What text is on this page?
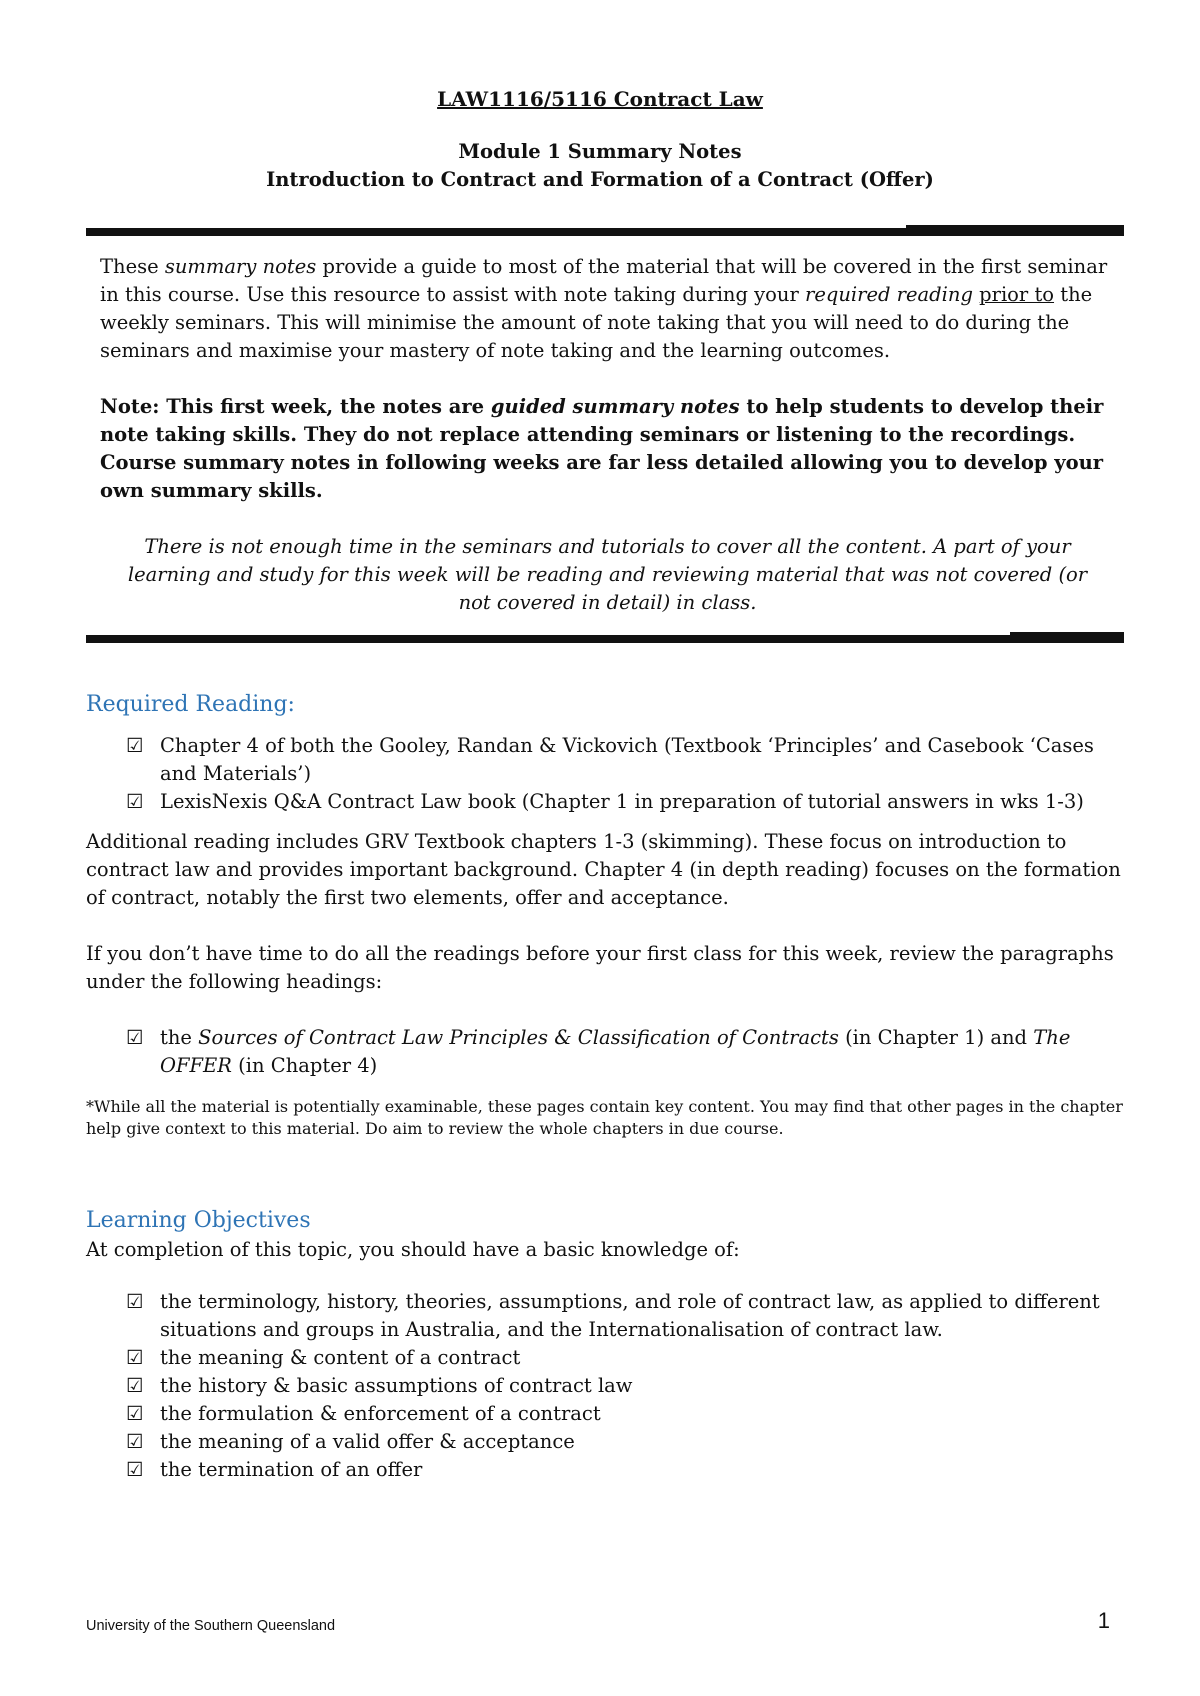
LAW1116/5116 Contract Law

Module 1 Summary Notes

Introduction to Contract and Formation of a Contract (Offer)

These summary notes provide a guide to most of the material that will be covered in the first seminar in this course. Use this resource to assist with note taking during your required reading prior to the weekly seminars. This will minimise the amount of note taking that you will need to do during the seminars and maximise your mastery of note taking and the learning outcomes.

Note: This first week, the notes are guided summary notes to help students to develop their note taking skills. They do not replace attending seminars or listening to the recordings. Course summary notes in following weeks are far less detailed allowing you to develop your own summary skills.

There is not enough time in the seminars and tutorials to cover all the content. A part of your learning and study for this week will be reading and reviewing material that was not covered (or not covered in detail) in class.

Required Reading:
☑ Chapter 4 of both the Gooley, Randan & Vickovich (Textbook ‘Principles’ and Casebook ‘Cases and Materials’)
☑ LexisNexis Q&A Contract Law book (Chapter 1 in preparation of tutorial answers in wks 1-3)

Additional reading includes GRV Textbook chapters 1-3 (skimming). These focus on introduction to contract law and provides important background. Chapter 4 (in depth reading) focuses on the formation of contract, notably the first two elements, offer and acceptance.

If you don’t have time to do all the readings before your first class for this week, review the paragraphs under the following headings:

☑ the Sources of Contract Law Principles & Classification of Contracts (in Chapter 1) and The OFFER (in Chapter 4)

*While all the material is potentially examinable, these pages contain key content. You may find that other pages in the chapter help give context to this material. Do aim to review the whole chapters in due course.

Learning Objectives

At completion of this topic, you should have a basic knowledge of:

☑ the terminology, history, theories, assumptions, and role of contract law, as applied to different situations and groups in Australia, and the Internationalisation of contract law.
☑ the meaning & content of a contract
☑ the history & basic assumptions of contract law
☑ the formulation & enforcement of a contract
☑ the meaning of a valid offer & acceptance
☑ the termination of an offer
University of the Southern Queensland	1
